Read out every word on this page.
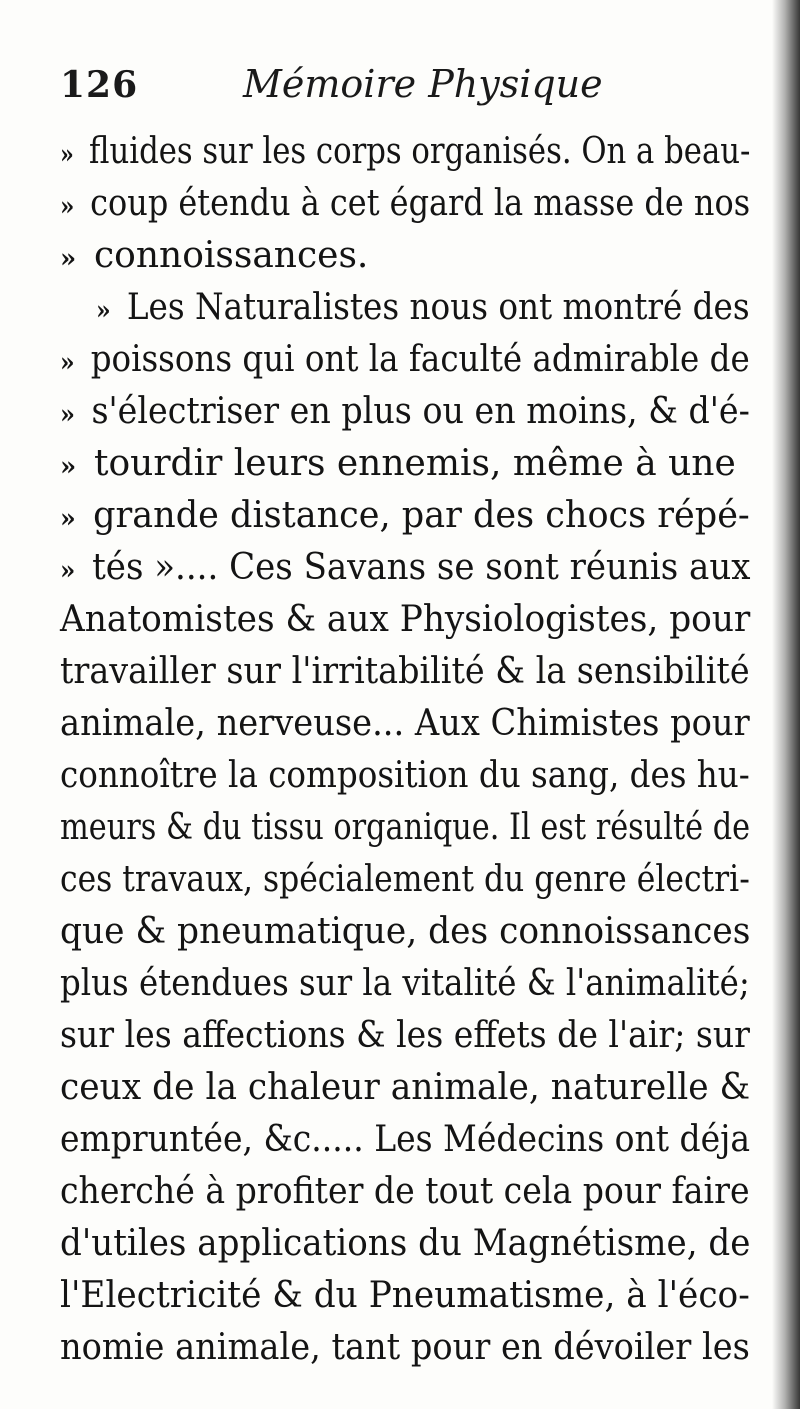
126	Mémoire Physique
» fluides sur les corps organisés. On a beau-
» coup étendu à cet égard la masse de nos
» connoissances.
» Les Naturalistes nous ont montré des
» poissons qui ont la faculté admirable de
» s'électriser en plus ou en moins, & d'é-
» tourdir leurs ennemis, même à une
» grande distance, par des chocs répé-
» tés ».... Ces Savans se sont réunis aux
Anatomistes & aux Physiologistes, pour
travailler sur l'irritabilité & la sensibilité
animale, nerveuse... Aux Chimistes pour
connoître la composition du sang, des hu-
meurs & du tissu organique. Il est résulté de
ces travaux, spécialement du genre électri-
que & pneumatique, des connoissances
plus étendues sur la vitalité & l'animalité;
sur les affections & les effets de l'air; sur
ceux de la chaleur animale, naturelle &
empruntée, &c..... Les Médecins ont déja
cherché à profiter de tout cela pour faire
d'utiles applications du Magnétisme, de
l'Electricité & du Pneumatisme, à l'éco-
nomie animale, tant pour en dévoiler les
